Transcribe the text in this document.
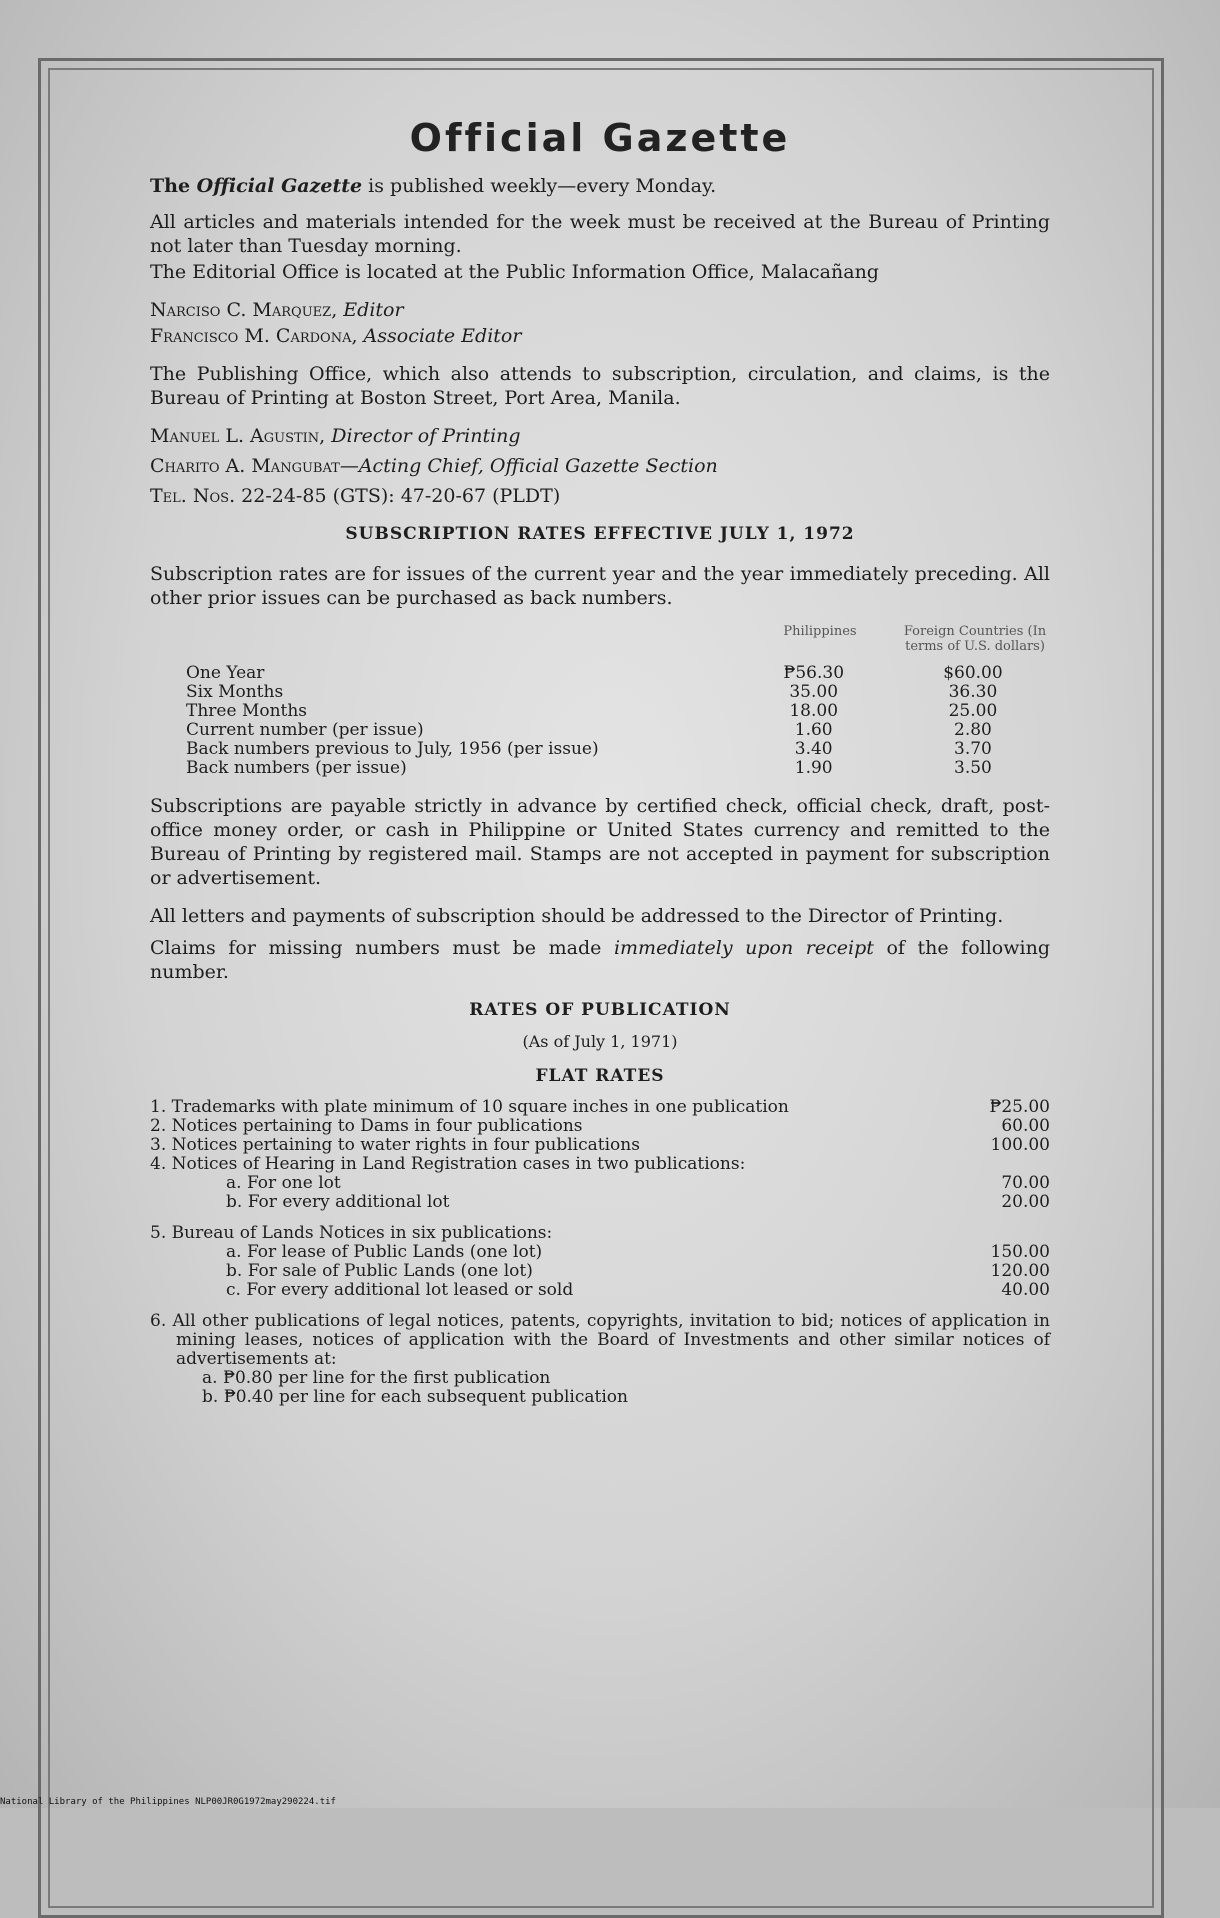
Official Gazette

The Official Gazette is published weekly—every Monday.

All articles and materials intended for the week must be received at the Bureau of Printing not later than Tuesday morning.

The Editorial Office is located at the Public Information Office, Malacañang

Narciso C. Marquez, Editor

Francisco M. Cardona, Associate Editor

The Publishing Office, which also attends to subscription, circulation, and claims, is the Bureau of Printing at Boston Street, Port Area, Manila.

Manuel L. Agustin, Director of Printing

Charito A. Mangubat—Acting Chief, Official Gazette Section

Tel. Nos. 22-24-85 (GTS): 47-20-67 (PLDT)

SUBSCRIPTION RATES EFFECTIVE JULY 1, 1972

Subscription rates are for issues of the current year and the year immediately preceding. All other prior issues can be purchased as back numbers.

Philippines	Foreign Countries (In terms of U.S. dollars)
One Year	₱56.30	$60.00
Six Months	35.00	36.30
Three Months	18.00	25.00
Current number (per issue)	1.60	2.80
Back numbers previous to July, 1956 (per issue)	3.40	3.70
Back numbers (per issue)	1.90	3.50

Subscriptions are payable strictly in advance by certified check, official check, draft, post-office money order, or cash in Philippine or United States currency and remitted to the Bureau of Printing by registered mail. Stamps are not accepted in payment for subscription or advertisement.

All letters and payments of subscription should be addressed to the Director of Printing.

Claims for missing numbers must be made immediately upon receipt of the following number.

RATES OF PUBLICATION
(As of July 1, 1971)
FLAT RATES
1. Trademarks with plate minimum of 10 square inches in one publication	₱25.00
2. Notices pertaining to Dams in four publications	60.00
3. Notices pertaining to water rights in four publications	100.00
4. Notices of Hearing in Land Registration cases in two publications:	
a. For one lot	70.00
b. For every additional lot	20.00
5. Bureau of Lands Notices in six publications:	
a. For lease of Public Lands (one lot)	150.00
b. For sale of Public Lands (one lot)	120.00
c. For every additional lot leased or sold	40.00

6. All other publications of legal notices, patents, copyrights, invitation to bid; notices of application in mining leases, notices of application with the Board of Investments and other similar notices of advertisements at:

a. ₱0.80 per line for the first publication
b. ₱0.40 per line for each subsequent publication
National Library of the Philippines NLP00JR0G1972may290224.tif
